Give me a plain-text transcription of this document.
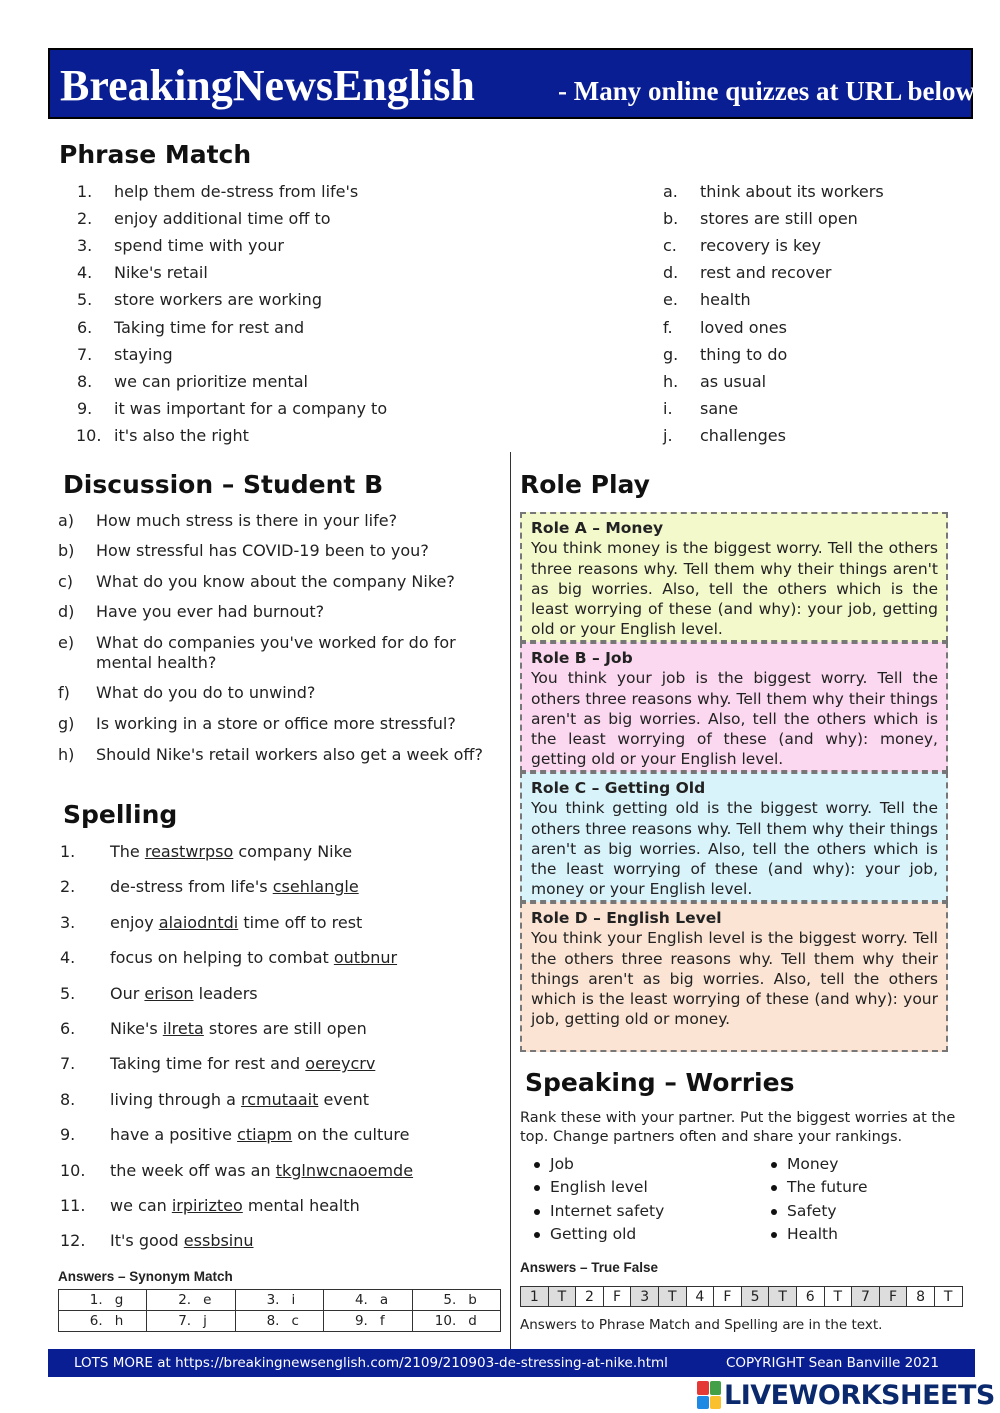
BreakingNewsEnglish	- Many online quizzes at URL below
Phrase Match
1. help them de-stress from life's
2. enjoy additional time off to
3. spend time with your
4. Nike's retail
5. store workers are working
6. Taking time for rest and
7. staying
8. we can prioritize mental
9. it was important for a company to
10. it's also the right
a. think about its workers
b. stores are still open
c. recovery is key
d. rest and recover
e. health
f. loved ones
g. thing to do
h. as usual
i. sane
j. challenges
Discussion – Student B
a) How much stress is there in your life?
b) How stressful has COVID-19 been to you?
c) What do you know about the company Nike?
d) Have you ever had burnout?
e) What do companies you've worked for do for mental health?
f) What do you do to unwind?
g) Is working in a store or office more stressful?
h) Should Nike's retail workers also get a week off?
Spelling
1. The reastwrpso company Nike
2. de-stress from life's csehlangle
3. enjoy alaiodntdi time off to rest
4. focus on helping to combat outbnur
5. Our erison leaders
6. Nike's ilreta stores are still open
7. Taking time for rest and oereycrv
8. living through a rcmutaait event
9. have a positive ctiapm on the culture
10. the week off was an tkglnwcnaoemde
11. we can irpirizteo mental health
12. It's good essbsinu
Answers – Synonym Match
1. g	2. e	3. i	4. a	5. b
6. h	7. j	8. c	9. f	10. d
Role Play
Role A – Money
You think money is the biggest worry. Tell the others three reasons why. Tell them why their things aren't as big worries. Also, tell the others which is the least worrying of these (and why): your job, getting old or your English level.
Role B – Job
You think your job is the biggest worry. Tell the others three reasons why. Tell them why their things aren't as big worries. Also, tell the others which is the least worrying of these (and why): money, getting old or your English level.
Role C – Getting Old
You think getting old is the biggest worry. Tell the others three reasons why. Tell them why their things aren't as big worries. Also, tell the others which is the least worrying of these (and why): your job, money or your English level.
Role D – English Level
You think your English level is the biggest worry. Tell the others three reasons why. Tell them why their things aren't as big worries. Also, tell the others which is the least worrying of these (and why): your job, getting old or money.
Speaking – Worries
Rank these with your partner. Put the biggest worries at the top. Change partners often and share your rankings.
Job
English level
Internet safety
Getting old
Money
The future
Safety
Health
Answers – True False
1	T	2	F	3	T	4	F	5	T	6	T	7	F	8	T
Answers to Phrase Match and Spelling are in the text.
LOTS MORE at https://breakingnewsenglish.com/2109/210903-de-stressing-at-nike.html	COPYRIGHT Sean Banville 2021
LIVEWORKSHEETS
